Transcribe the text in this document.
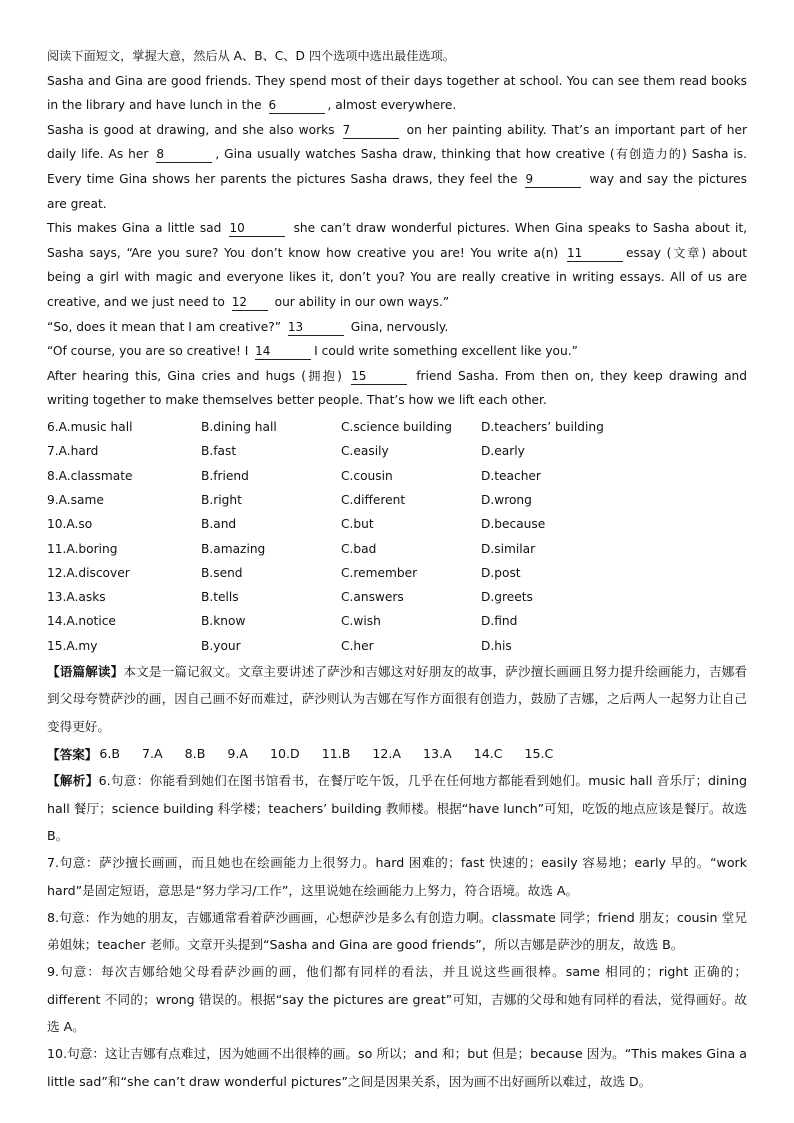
阅读下面短文，掌握大意，然后从 A、B、C、D 四个选项中选出最佳选项。

Sasha and Gina are good friends. They spend most of their days together at school. You can see them read books in the library and have lunch in the 6	, almost everywhere.

Sasha is good at drawing, and she also works 7	on her painting ability. That’s an important part of her daily life. As her 8	, Gina usually watches Sasha draw, thinking that how creative (有创造力的) Sasha is. Every time Gina shows her parents the pictures Sasha draws, they feel the 9	way and say the pictures are great.

This makes Gina a little sad 10	she can’t draw wonderful pictures. When Gina speaks to Sasha about it, Sasha says, “Are you sure? You don’t know how creative you are! You write a(n) 11	essay (文章) about being a girl with magic and everyone likes it, don’t you? You are really creative in writing essays. All of us are creative, and we just need to 12 our ability in our own ways.”

“So, does it mean that I am creative?” 13	Gina, nervously.

“Of course, you are so creative! I 14	I could write something excellent like you.”

After hearing this, Gina cries and hugs (拥抱) 15	friend Sasha. From then on, they keep drawing and writing together to make themselves better people. That’s how we lift each other.

6.A.music hall	B.dining hall	C.science building	D.teachers’ building
7.A.hard	B.fast	C.easily	D.early
8.A.classmate	B.friend	C.cousin	D.teacher
9.A.same	B.right	C.different	D.wrong
10.A.so	B.and	C.but	D.because
11.A.boring	B.amazing	C.bad	D.similar
12.A.discover	B.send	C.remember	D.post
13.A.asks	B.tells	C.answers	D.greets
14.A.notice	B.know	C.wish	D.find
15.A.my	B.your	C.her	D.his

【语篇解读】本文是一篇记叙文。文章主要讲述了萨沙和吉娜这对好朋友的故事，萨沙擅长画画且努力提升绘画能力，吉娜看到父母夸赞萨沙的画，因自己画不好而难过，萨沙则认为吉娜在写作方面很有创造力，鼓励了吉娜，之后两人一起努力让自己变得更好。

【答案】 6.B 7.A 8.B 9.A 10.D 11.B 12.A 13.A 14.C 15.C

【解析】6.句意：你能看到她们在图书馆看书，在餐厅吃午饭，几乎在任何地方都能看到她们。music hall 音乐厅；dining hall 餐厅；science building 科学楼；teachers’ building 教师楼。根据“have lunch”可知，吃饭的地点应该是餐厅。故选 B。

7.句意：萨沙擅长画画，而且她也在绘画能力上很努力。hard 困难的；fast 快速的；easily 容易地；early 早的。“work hard”是固定短语，意思是“努力学习/工作”，这里说她在绘画能力上努力，符合语境。故选 A。

8.句意：作为她的朋友，吉娜通常看着萨沙画画，心想萨沙是多么有创造力啊。classmate 同学；friend 朋友；cousin 堂兄弟姐妹；teacher 老师。文章开头提到“Sasha and Gina are good friends”，所以吉娜是萨沙的朋友，故选 B。

9.句意：每次吉娜给她父母看萨沙画的画，他们都有同样的看法，并且说这些画很棒。same 相同的；right 正确的；different 不同的；wrong 错误的。根据“say the pictures are great”可知，吉娜的父母和她有同样的看法，觉得画好。故选 A。

10.句意：这让吉娜有点难过，因为她画不出很棒的画。so 所以；and 和；but 但是；because 因为。“This makes Gina a little sad”和“she can’t draw wonderful pictures”之间是因果关系，因为画不出好画所以难过，故选 D。
